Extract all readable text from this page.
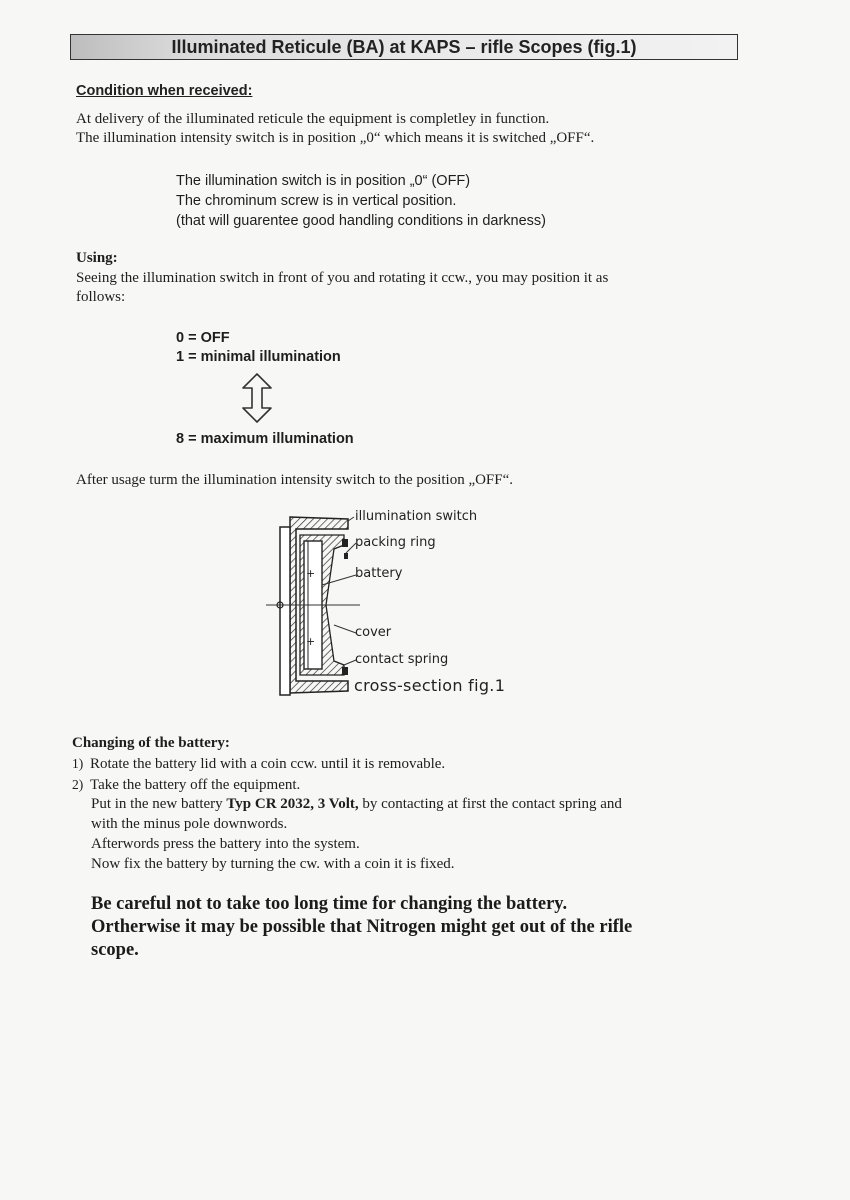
Illuminated Reticule (BA) at KAPS – rifle Scopes (fig.1)
Condition when received:
At delivery of the illuminated reticule the equipment is completley in function.
The illumination intensity switch is in position „0“ which means it is switched „OFF“.
The illumination switch is in position „0“ (OFF)
The chrominum screw is in vertical position.
(that will guarentee good handling conditions in darkness)
Using:
Seeing the illumination switch in front of you and rotating it ccw., you may position it as
follows:
0 = OFF
1 = minimal illumination
8 = maximum illumination
After usage turm the illumination intensity switch to the position „OFF“.
+
+
illumination switch
packing ring
battery
cover
contact spring
cross-section fig.1
Changing of the battery:
1) Rotate the battery lid with a coin ccw. until it is removable.
2) Take the battery off the equipment.
Put in the new battery Typ CR 2032, 3 Volt, by contacting at first the contact spring and
with the minus pole downwords.
Afterwords press the battery into the system.
Now fix the battery by turning the cw. with a coin it is fixed.
Be careful not to take too long time for changing the battery.
Ortherwise it may be possible that Nitrogen might get out of the rifle
scope.
